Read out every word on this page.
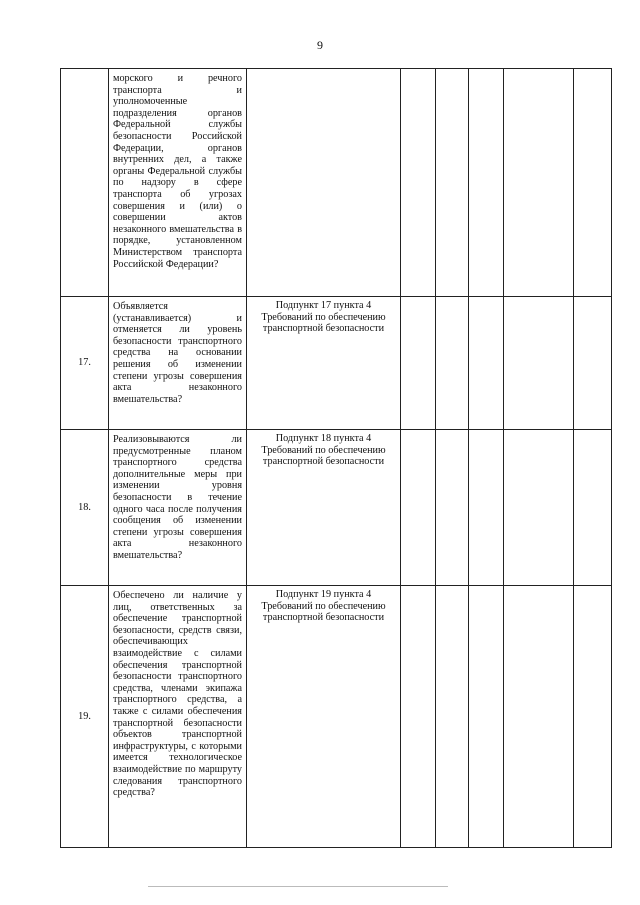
9

	морского и речного транспорта и уполномоченные подразделения органов Федеральной службы безопасности Российской Федерации, органов внутренних дел, а также органы Федеральной службы по надзору в сфере транспорта об угрозах совершения и (или) о совершении актов незаконного вмешательства в порядке, установленном Министерством транспорта Российской Федерации?						

17.	Объявляется (устанавливается) и отменяется ли уровень безопасности транспортного средства на основании решения об изменении степени угрозы совершения акта незаконного вмешательства?	Подпункт 17 пункта 4 Требований по обеспечению транспортной безопасности					

18.	Реализовываются ли предусмотренные планом транспортного средства дополнительные меры при изменении уровня безопасности в течение одного часа после получения сообщения об изменении степени угрозы совершения акта незаконного вмешательства?	Подпункт 18 пункта 4 Требований по обеспечению транспортной безопасности					

19.	Обеспечено ли наличие у лиц, ответственных за обеспечение транспортной безопасности, средств связи, обеспечивающих взаимодействие с силами обеспечения транспортной безопасности транспортного средства, членами экипажа транспортного средства, а также с силами обеспечения транспортной безопасности объектов транспортной инфраструктуры, с которыми имеется технологическое взаимодействие по маршруту следования транспортного средства?	Подпункт 19 пункта 4 Требований по обеспечению транспортной безопасности					
